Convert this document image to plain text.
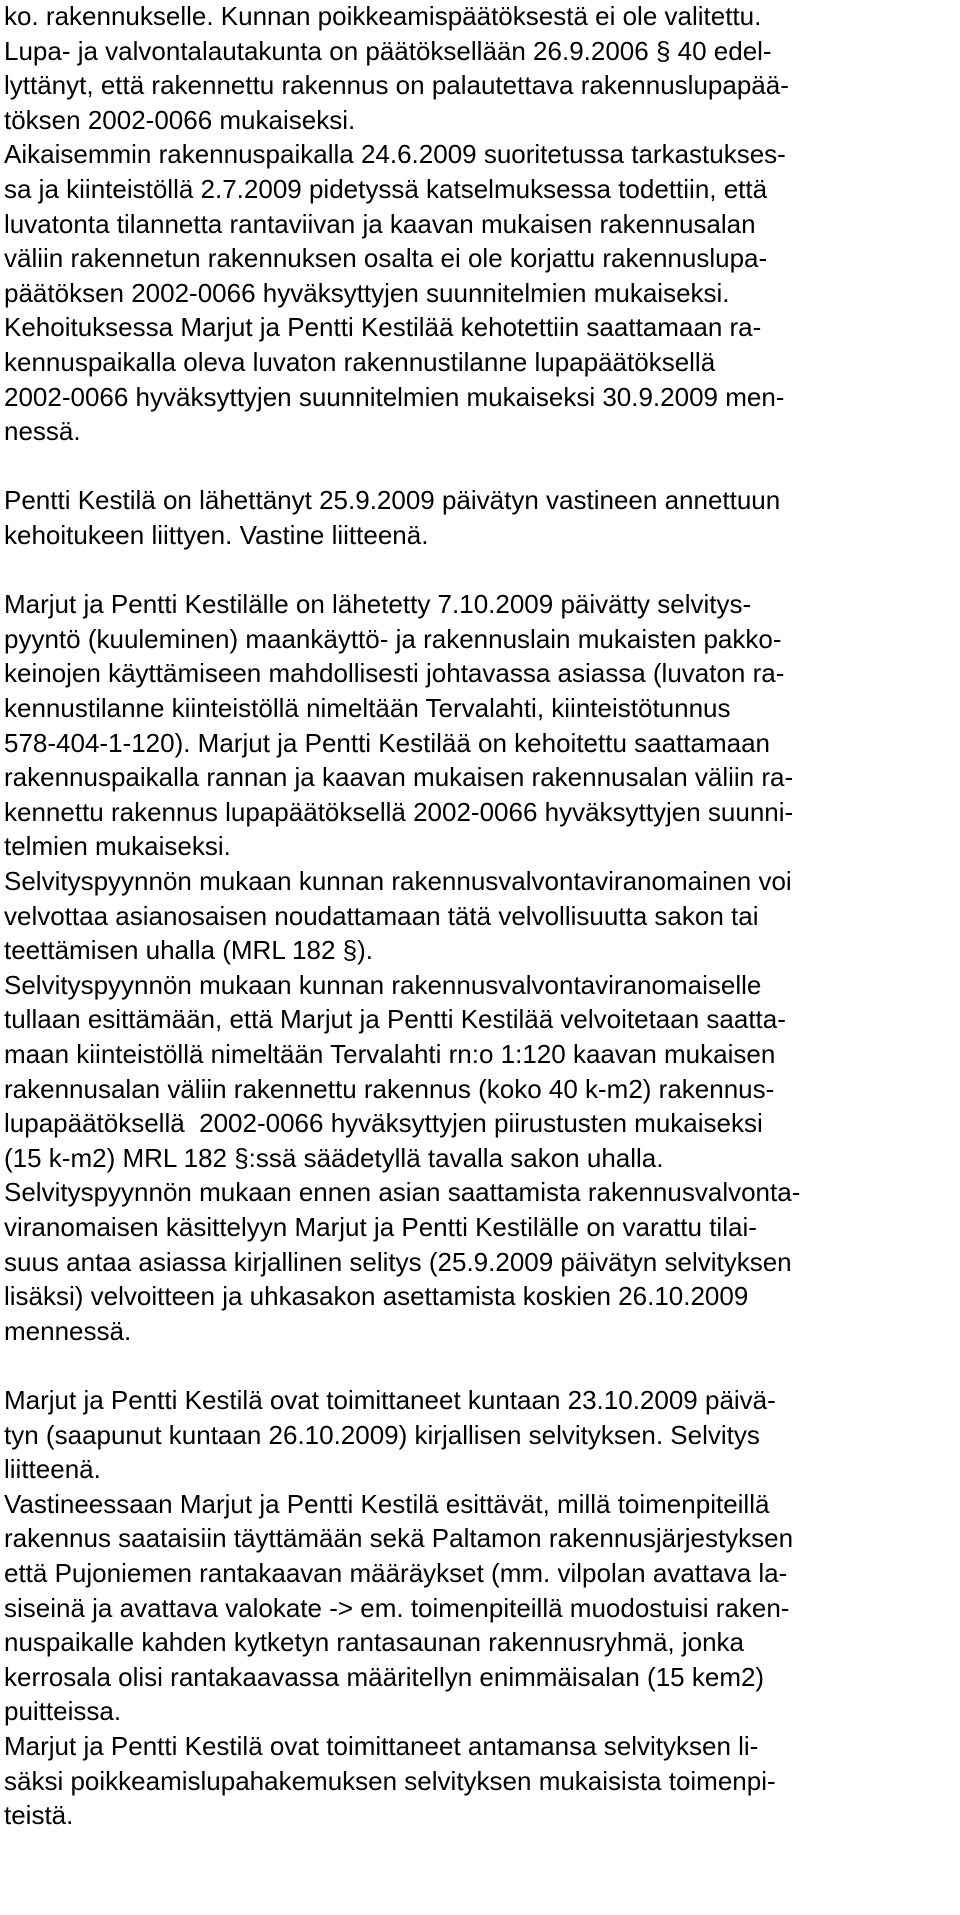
ko. rakennukselle. Kunnan poikkeamispäätöksestä ei ole valitettu.
Lupa- ja valvontalautakunta on päätöksellään 26.9.2006 § 40 edel-
lyttänyt, että rakennettu rakennus on palautettava rakennuslupapää-
töksen 2002-0066 mukaiseksi.
Aikaisemmin rakennuspaikalla 24.6.2009 suoritetussa tarkastukses-
sa ja kiinteistöllä 2.7.2009 pidetyssä katselmuksessa todettiin, että
luvatonta tilannetta rantaviivan ja kaavan mukaisen rakennusalan
väliin rakennetun rakennuksen osalta ei ole korjattu rakennuslupa-
päätöksen 2002-0066 hyväksyttyjen suunnitelmien mukaiseksi.
Kehoituksessa Marjut ja Pentti Kestilää kehotettiin saattamaan ra-
kennuspaikalla oleva luvaton rakennustilanne lupapäätöksellä
2002-0066 hyväksyttyjen suunnitelmien mukaiseksi 30.9.2009 men-
nessä.
Pentti Kestilä on lähettänyt 25.9.2009 päivätyn vastineen annettuun
kehoitukeen liittyen. Vastine liitteenä.
Marjut ja Pentti Kestilälle on lähetetty 7.10.2009 päivätty selvitys-
pyyntö (kuuleminen) maankäyttö- ja rakennuslain mukaisten pakko-
keinojen käyttämiseen mahdollisesti johtavassa asiassa (luvaton ra-
kennustilanne kiinteistöllä nimeltään Tervalahti, kiinteistötunnus
578-404-1-120). Marjut ja Pentti Kestilää on kehoitettu saattamaan
rakennuspaikalla rannan ja kaavan mukaisen rakennusalan väliin ra-
kennettu rakennus lupapäätöksellä 2002-0066 hyväksyttyjen suunni-
telmien mukaiseksi.
Selvityspyynnön mukaan kunnan rakennusvalvontaviranomainen voi
velvottaa asianosaisen noudattamaan tätä velvollisuutta sakon tai
teettämisen uhalla (MRL 182 §).
Selvityspyynnön mukaan kunnan rakennusvalvontaviranomaiselle
tullaan esittämään, että Marjut ja Pentti Kestilää velvoitetaan saatta-
maan kiinteistöllä nimeltään Tervalahti rn:o 1:120 kaavan mukaisen
rakennusalan väliin rakennettu rakennus (koko 40 k-m2) rakennus-
lupapäätöksellä  2002-0066 hyväksyttyjen piirustusten mukaiseksi
(15 k-m2) MRL 182 §:ssä säädetyllä tavalla sakon uhalla.
Selvityspyynnön mukaan ennen asian saattamista rakennusvalvonta-
viranomaisen käsittelyyn Marjut ja Pentti Kestilälle on varattu tilai-
suus antaa asiassa kirjallinen selitys (25.9.2009 päivätyn selvityksen
lisäksi) velvoitteen ja uhkasakon asettamista koskien 26.10.2009
mennessä.
Marjut ja Pentti Kestilä ovat toimittaneet kuntaan 23.10.2009 päivä-
tyn (saapunut kuntaan 26.10.2009) kirjallisen selvityksen. Selvitys
liitteenä.
Vastineessaan Marjut ja Pentti Kestilä esittävät, millä toimenpiteillä
rakennus saataisiin täyttämään sekä Paltamon rakennusjärjestyksen
että Pujoniemen rantakaavan määräykset (mm. vilpolan avattava la-
siseinä ja avattava valokate -> em. toimenpiteillä muodostuisi raken-
nuspaikalle kahden kytketyn rantasaunan rakennusryhmä, jonka
kerrosala olisi rantakaavassa määritellyn enimmäisalan (15 kem2)
puitteissa.
Marjut ja Pentti Kestilä ovat toimittaneet antamansa selvityksen li-
säksi poikkeamislupahakemuksen selvityksen mukaisista toimenpi-
teistä.
